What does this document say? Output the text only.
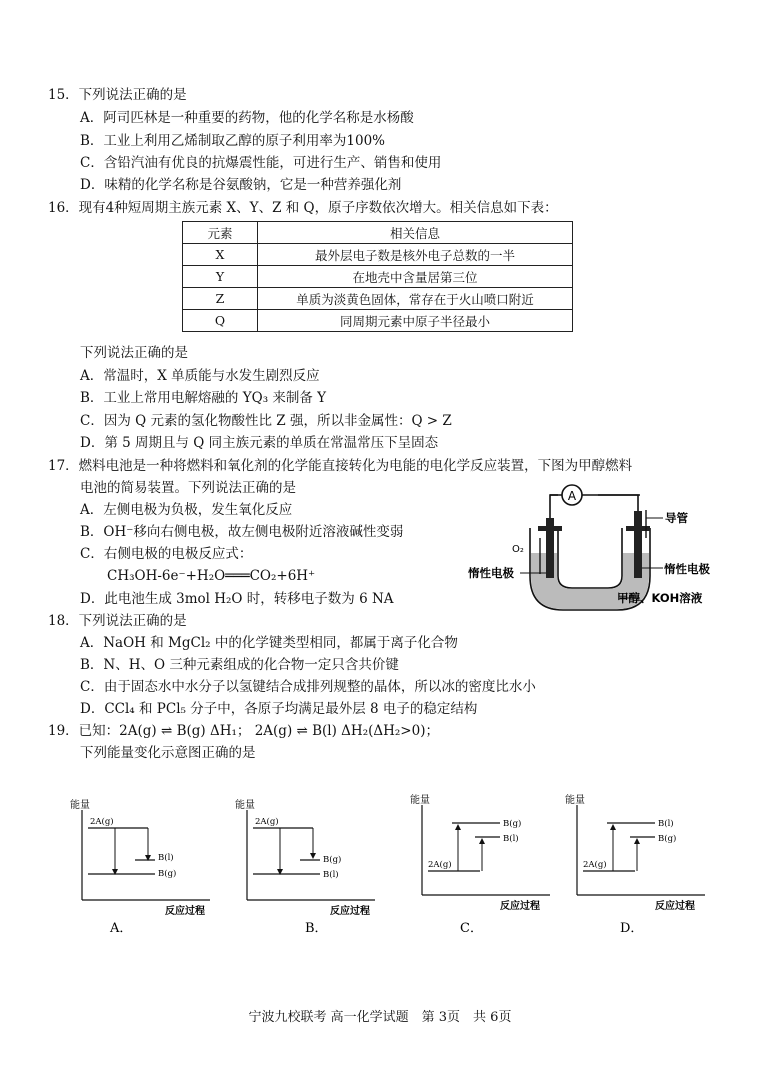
15．下列说法正确的是
A．阿司匹林是一种重要的药物，他的化学名称是水杨酸
B．工业上利用乙烯制取乙醇的原子利用率为100%
C．含铅汽油有优良的抗爆震性能，可进行生产、销售和使用
D．味精的化学名称是谷氨酸钠，它是一种营养强化剂
16．现有4种短周期主族元素 X、Y、Z 和 Q，原子序数依次增大。相关信息如下表：
元素	相关信息
X	最外层电子数是核外电子总数的一半
Y	在地壳中含量居第三位
Z	单质为淡黄色固体，常存在于火山喷口附近
Q	同周期元素中原子半径最小
下列说法正确的是
A．常温时，X 单质能与水发生剧烈反应
B．工业上常用电解熔融的 YQ₃ 来制备 Y
C．因为 Q 元素的氢化物酸性比 Z 强，所以非金属性：Q > Z
D．第 5 周期且与 Q 同主族元素的单质在常温常压下呈固态
17．燃料电池是一种将燃料和氧化剂的化学能直接转化为电能的电化学反应装置，下图为甲醇燃料
电池的简易装置。下列说法正确的是
A．左侧电极为负极，发生氧化反应
B．OH⁻移向右侧电极，故左侧电极附近溶液碱性变弱
C．右侧电极的电极反应式：
CH₃OH-6e⁻+H₂O═══CO₂+6H⁺
D．此电池生成 3mol H₂O 时，转移电子数为 6 NA
A
O₂
导管
惰性电极
惰性电极
甲醇、KOH溶液
18．下列说法正确的是
A．NaOH 和 MgCl₂ 中的化学键类型相同，都属于离子化合物
B．N、H、O 三种元素组成的化合物一定只含共价键
C．由于固态水中水分子以氢键结合成排列规整的晶体，所以冰的密度比水小
D．CCl₄ 和 PCl₅ 分子中，各原子均满足最外层 8 电子的稳定结构
19．已知：2A(g) ⇌ B(g) ΔH₁； 2A(g) ⇌ B(l) ΔH₂(ΔH₂>0)；
下列能量变化示意图正确的是
能量
反应过程
2A(g)
B(l)
B(g)
A．
能量
反应过程
2A(g)
B(g)
B(l)
B．
能量
反应过程
B(g)
B(l)
2A(g)
C．
能量
反应过程
B(l)
B(g)
2A(g)
D．
宁波九校联考 高一化学试题　第 3页　共 6页
